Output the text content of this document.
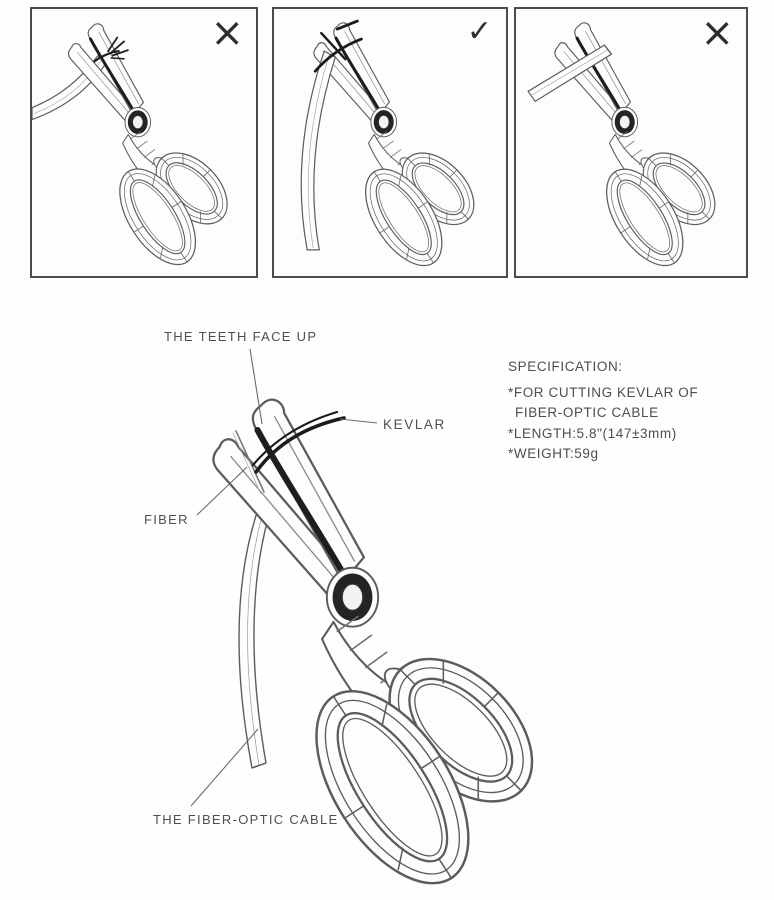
×	✓	×
THE TEETH FACE UP
KEVLAR
FIBER
THE FIBER-OPTIC CABLE
SPECIFICATION:
*FOR CUTTING KEVLAR OF
FIBER-OPTIC CABLE
*LENGTH:5.8"(147±3mm)
*WEIGHT:59g
